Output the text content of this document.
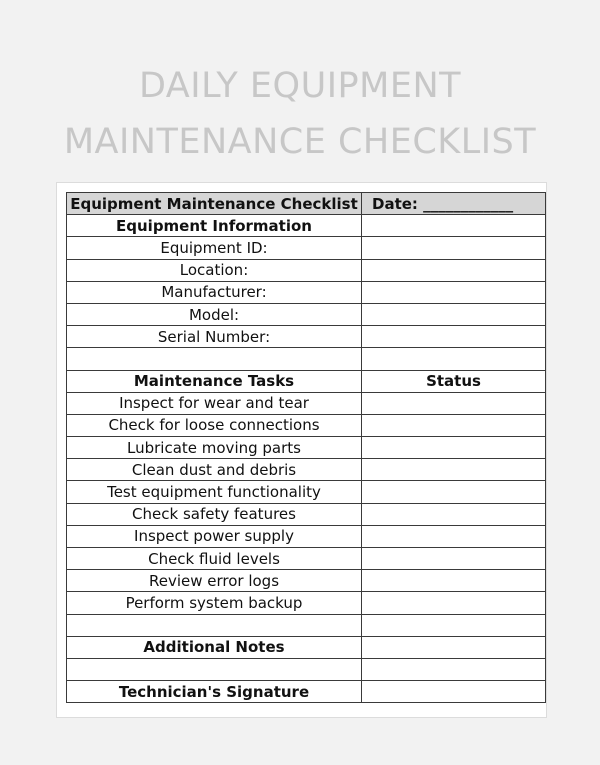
DAILY EQUIPMENT
MAINTENANCE CHECKLIST
Equipment Maintenance Checklist	Date: ____________
Equipment Information	
Equipment ID:	
Location:	
Manufacturer:	
Model:	
Serial Number:	

Maintenance Tasks	Status
Inspect for wear and tear	
Check for loose connections	
Lubricate moving parts	
Clean dust and debris	
Test equipment functionality	
Check safety features	
Inspect power supply	
Check fluid levels	
Review error logs	
Perform system backup	

Additional Notes	

Technician's Signature	
